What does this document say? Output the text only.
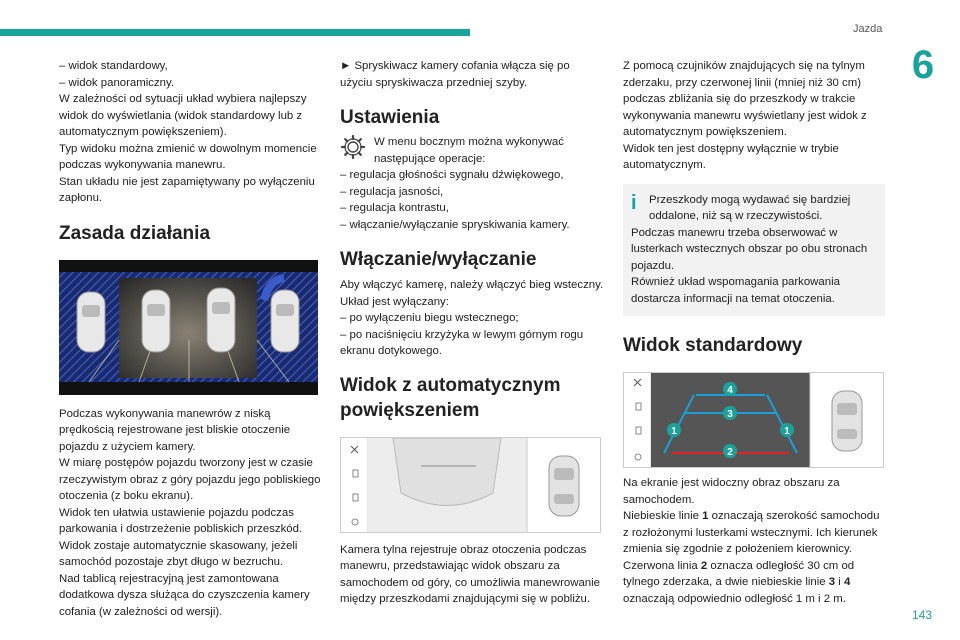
Jazda
6
– widok standardowy,
– widok panoramiczny.
W zależności od sytuacji układ wybiera najlepszy
widok do wyświetlania (widok standardowy lub z
automatycznym powiększeniem).
Typ widoku można zmienić w dowolnym momencie
podczas wykonywania manewru.
Stan układu nie jest zapamiętywany po wyłączeniu
zapłonu.
Zasada działania
Podczas wykonywania manewrów z niską
prędkością rejestrowane jest bliskie otoczenie
pojazdu z użyciem kamery.
W miarę postępów pojazdu tworzony jest w czasie
rzeczywistym obraz z góry pojazdu jego pobliskiego
otoczenia (z boku ekranu).
Widok ten ułatwia ustawienie pojazdu podczas
parkowania i dostrzeżenie pobliskich przeszkód.
Widok zostaje automatycznie skasowany, jeżeli
samochód pozostaje zbyt długo w bezruchu.
Nad tablicą rejestracyjną jest zamontowana
dodatkowa dysza służąca do czyszczenia kamery
cofania (w zależności od wersji).
► Spryskiwacz kamery cofania włącza się po
użyciu spryskiwacza przedniej szyby.
Ustawienia
W menu bocznym można wykonywać
następujące operacje:
– regulacja głośności sygnału dźwiękowego,
– regulacja jasności,
– regulacja kontrastu,
– włączanie/wyłączanie spryskiwania kamery.
Włączanie/wyłączanie
Aby włączyć kamerę, należy włączyć bieg wsteczny.
Układ jest wyłączany:
– po wyłączeniu biegu wstecznego;
– po naciśnięciu krzyżyka w lewym górnym rogu
ekranu dotykowego.
Widok z automatycznym
powiększeniem
Kamera tylna rejestruje obraz otoczenia podczas
manewru, przedstawiając widok obszaru za
samochodem od góry, co umożliwia manewrowanie
między przeszkodami znajdującymi się w pobliżu.
Z pomocą czujników znajdujących się na tylnym
zderzaku, przy czerwonej linii (mniej niż 30 cm)
podczas zbliżania się do przeszkody w trakcie
wykonywania manewru wyświetlany jest widok z
automatycznym powiększeniem.
Widok ten jest dostępny wyłącznie w trybie
automatycznym.
i Przeszkody mogą wydawać się bardziej
oddalone, niż są w rzeczywistości.
Podczas manewru trzeba obserwować w
lusterkach wstecznych obszar po obu stronach
pojazdu.
Również układ wspomagania parkowania
dostarcza informacji na temat otoczenia.
Widok standardowy
1	1
2
3
4
Na ekranie jest widoczny obraz obszaru za
samochodem.
Niebieskie linie 1 oznaczają szerokość samochodu
z rozłożonymi lusterkami wstecznymi. Ich kierunek
zmienia się zgodnie z położeniem kierownicy.
Czerwona linia 2 oznacza odległość 30 cm od
tylnego zderzaka, a dwie niebieskie linie 3 i 4
oznaczają odpowiednio odległość 1 m i 2 m.
143
